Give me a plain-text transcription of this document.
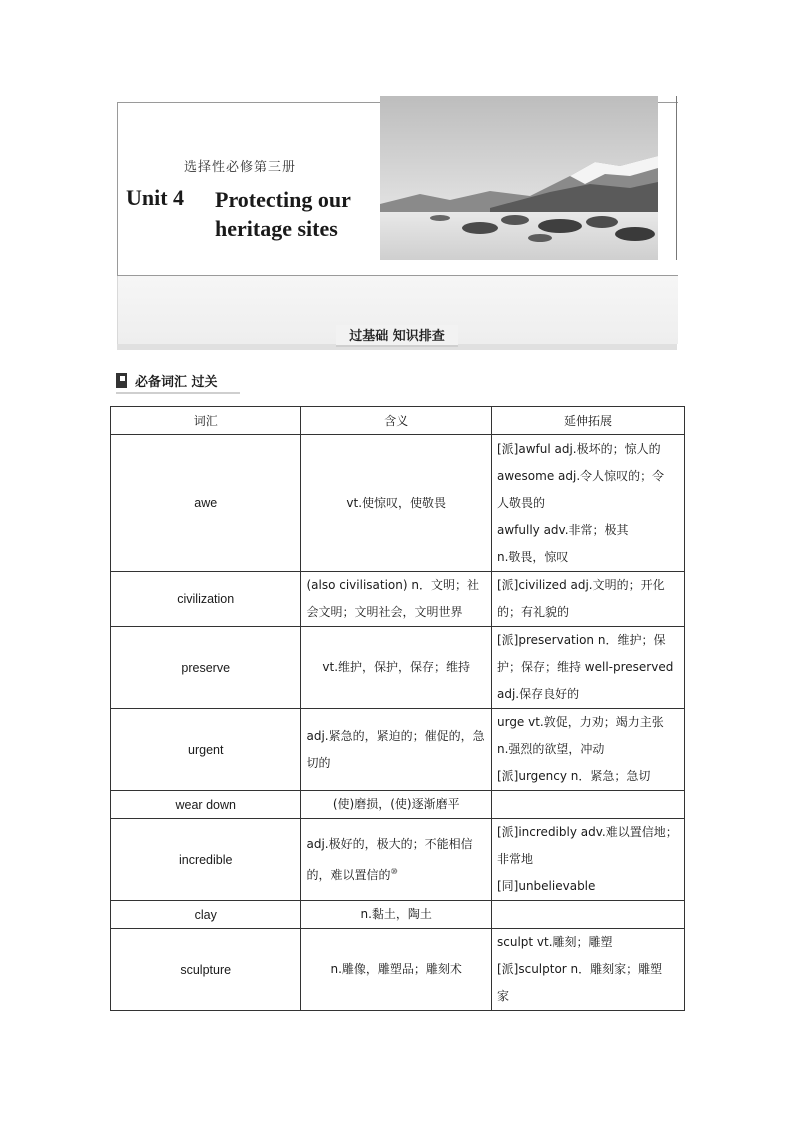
选择性必修第三册
Unit 4 Protecting our
heritage sites
过基础 知识排查
必备词汇 过关
词汇	含义	延伸拓展
awe	vt.使惊叹，使敬畏	[派]awful adj.极坏的；惊人的
awesome adj.令人惊叹的；令
人敬畏的
awfully adv.非常；极其
n.敬畏，惊叹

civilization	(also civilisation) n．文明；社会文明；文明社会，文明世界	[派]civilized adj.文明的；开化
的；有礼貌的

preserve	vt.维护，保护，保存；维持	[派]preservation n．维护；保
护；保存；维持 well-preserved
adj.保存良好的

urgent	adj.紧急的，紧迫的；催促的，急切的	urge vt.敦促，力劝；竭力主张
n.强烈的欲望，冲动
[派]urgency n．紧急；急切

wear down	(使)磨损，(使)逐渐磨平	
incredible	adj.极好的，极大的；不能相信的，难以置信的⑩	[派]incredibly adv.难以置信地；
非常地
[同]unbelievable

clay	n.黏土，陶土	
sculpture	n.雕像，雕塑品；雕刻术	sculpt vt.雕刻；雕塑
[派]sculptor n．雕刻家；雕塑
家
